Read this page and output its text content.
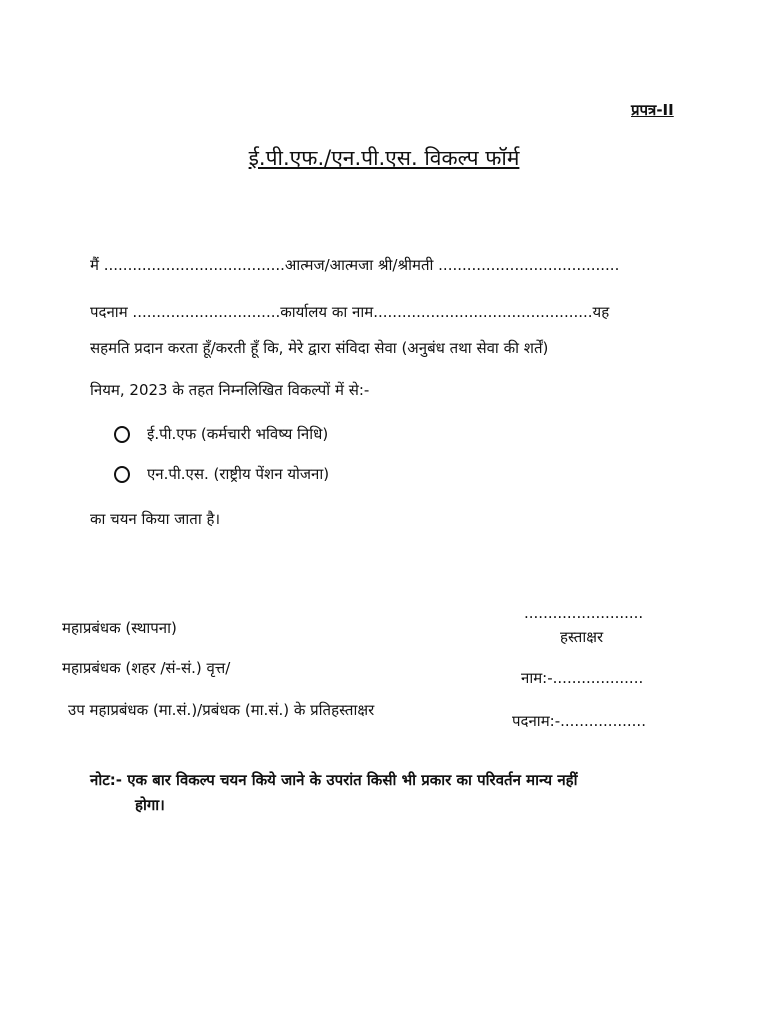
प्रपत्र-II
ई.पी.एफ./एन.पी.एस. विकल्प फॉर्म
मैं ......................................आत्मज/आत्मजा श्री/श्रीमती ......................................
पदनाम ...............................कार्यालय का नाम..............................................यह
सहमति प्रदान करता हूँ/करती हूँ कि, मेरे द्वारा संविदा सेवा (अनुबंध तथा सेवा की शर्तें)
नियम, 2023 के तहत निम्नलिखित विकल्पों में से:-
ई.पी.एफ (कर्मचारी भविष्य निधि)
एन.पी.एस. (राष्ट्रीय पेंशन योजना)
का चयन किया जाता है।
महाप्रबंधक (स्थापना)
महाप्रबंधक (शहर /सं-सं.) वृत्त/
उप महाप्रबंधक (मा.सं.)/प्रबंधक (मा.सं.) के प्रतिहस्ताक्षर
.........................
हस्ताक्षर
नाम:-...................
पदनाम:-..................
नोट:- एक बार विकल्प चयन किये जाने के उपरांत किसी भी प्रकार का परिवर्तन मान्य नहीं
होगा।
